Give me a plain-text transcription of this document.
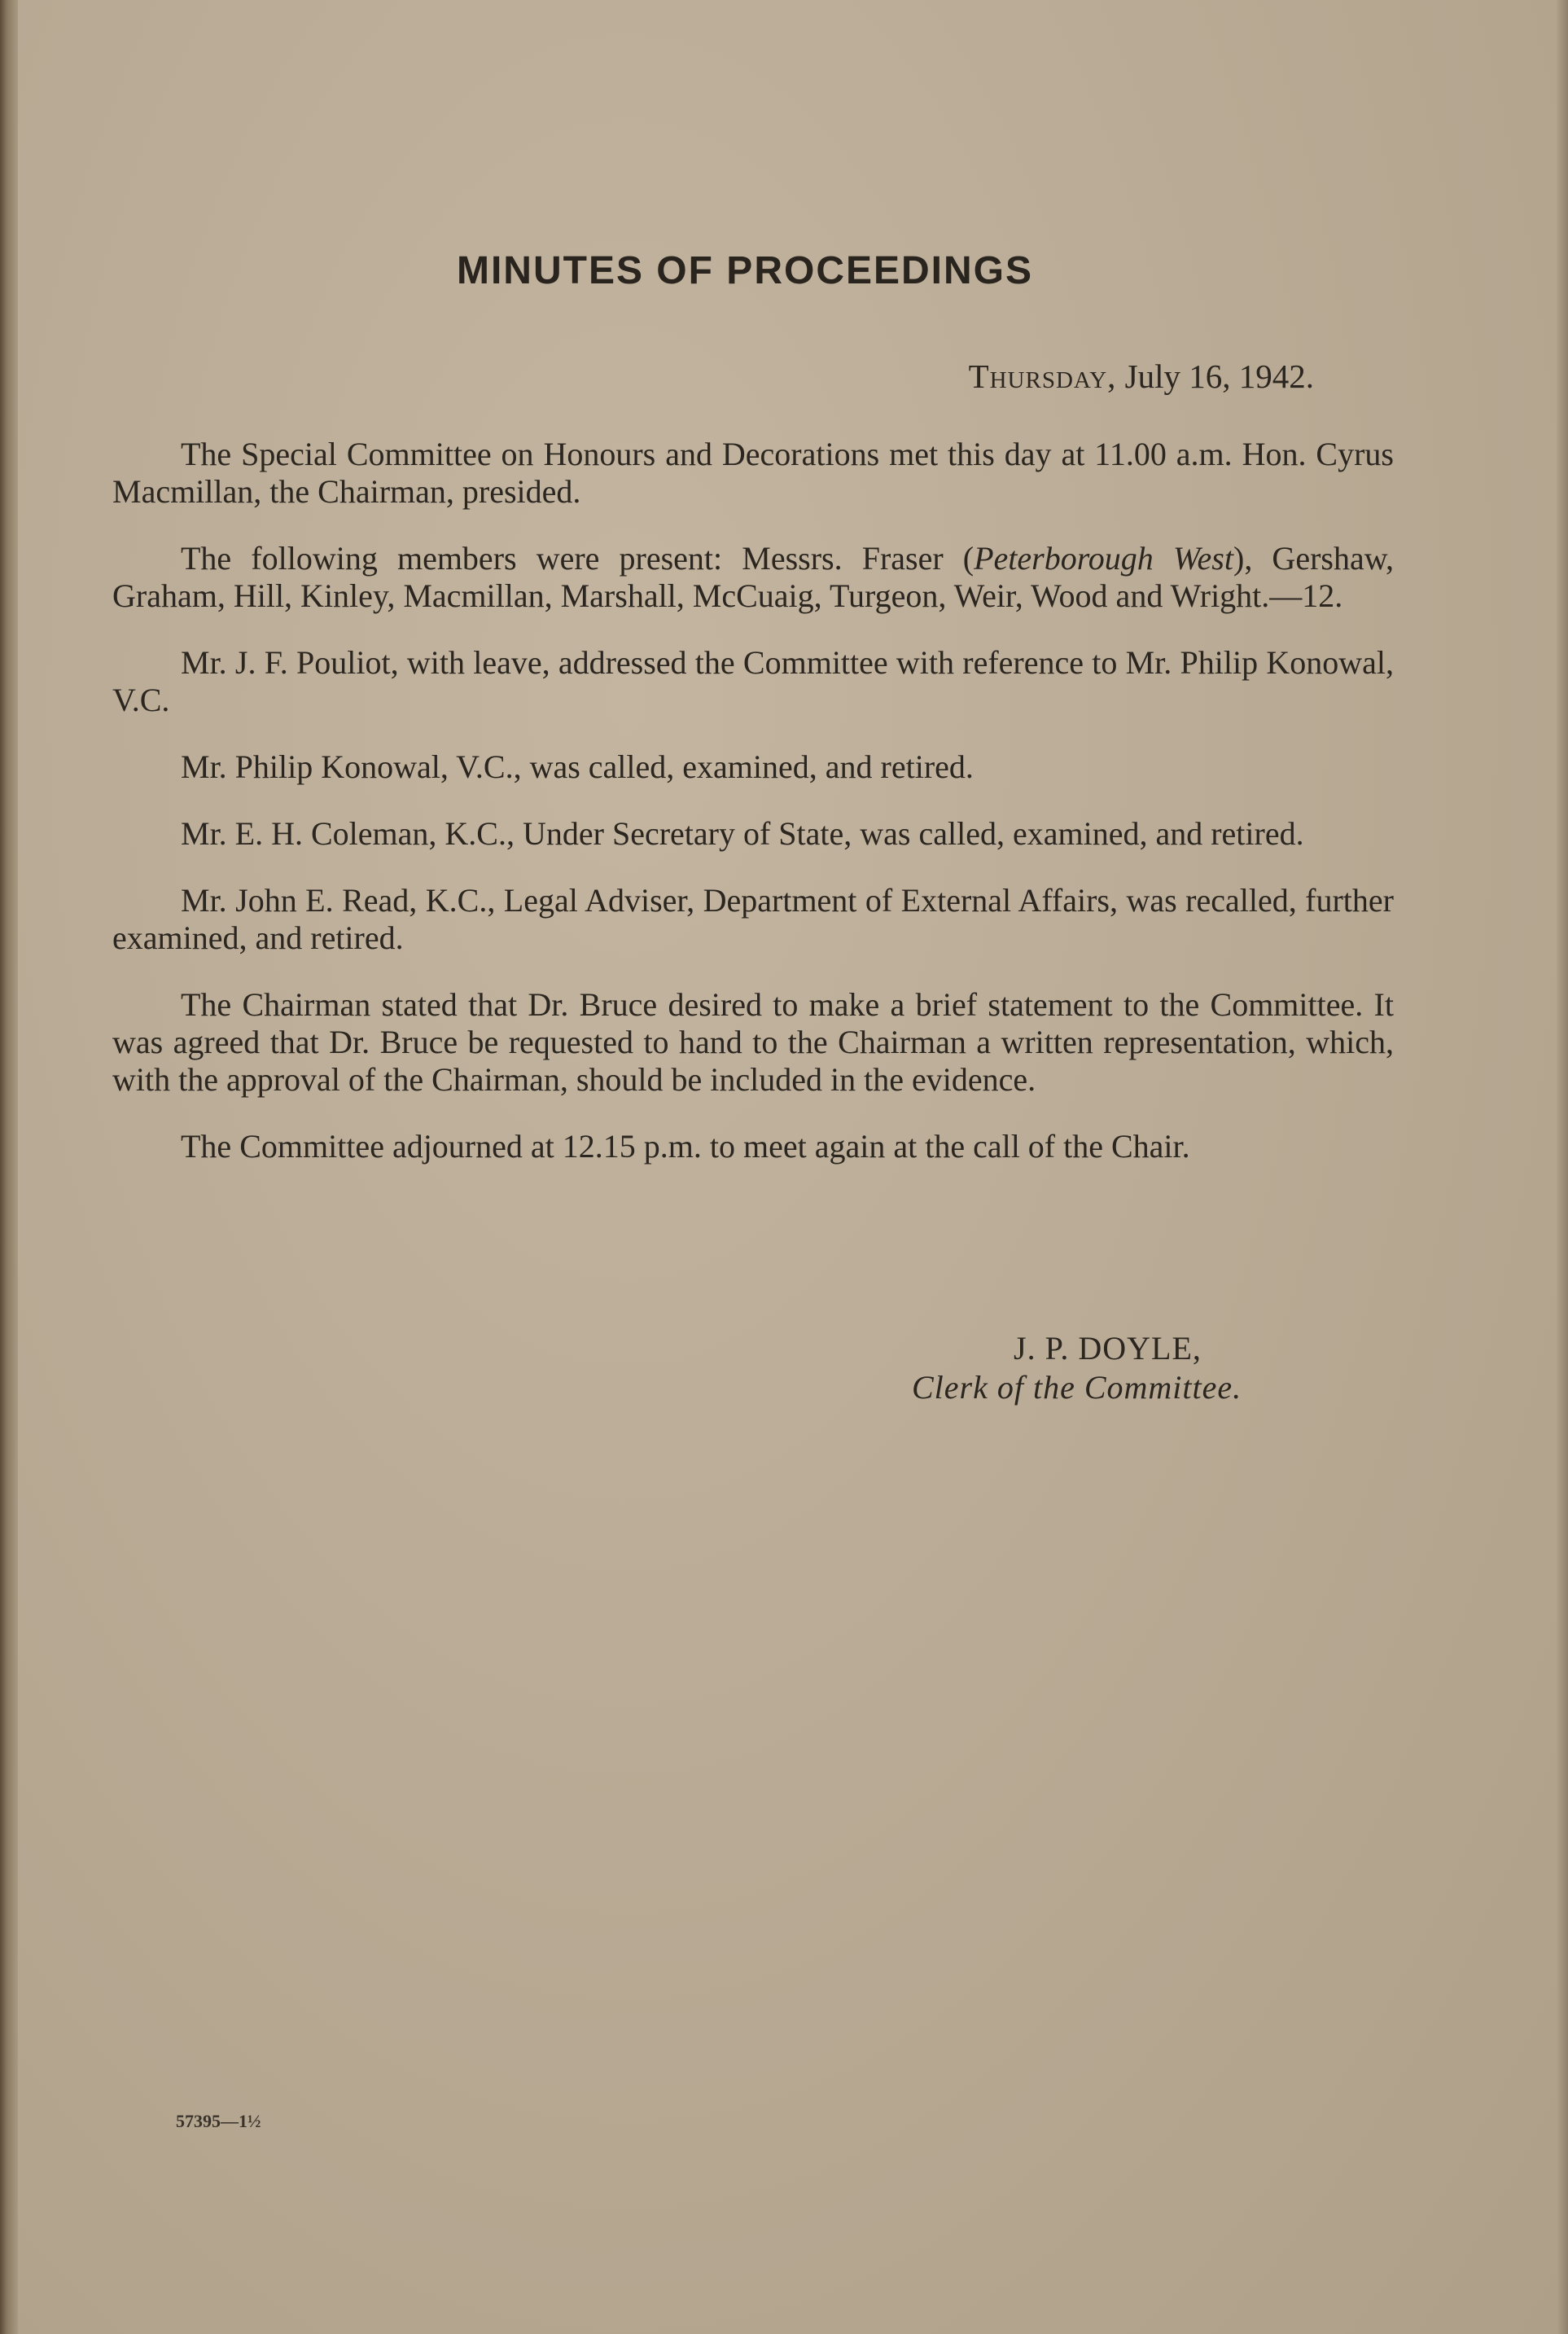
MINUTES OF PROCEEDINGS
Thursday, July 16, 1942.

The Special Committee on Honours and Decorations met this day at 11.00 a.m. Hon. Cyrus Macmillan, the Chairman, presided.

The following members were present: Messrs. Fraser (Peterborough West), Gershaw, Graham, Hill, Kinley, Macmillan, Marshall, McCuaig, Turgeon, Weir, Wood and Wright.—12.

Mr. J. F. Pouliot, with leave, addressed the Committee with reference to Mr. Philip Konowal, V.C.

Mr. Philip Konowal, V.C., was called, examined, and retired.

Mr. E. H. Coleman, K.C., Under Secretary of State, was called, examined, and retired.

Mr. John E. Read, K.C., Legal Adviser, Department of External Affairs, was recalled, further examined, and retired.

The Chairman stated that Dr. Bruce desired to make a brief statement to the Committee. It was agreed that Dr. Bruce be requested to hand to the Chairman a written representation, which, with the approval of the Chairman, should be included in the evidence.

The Committee adjourned at 12.15 p.m. to meet again at the call of the Chair.

J. P. DOYLE,
Clerk of the Committee.
57395—1½
